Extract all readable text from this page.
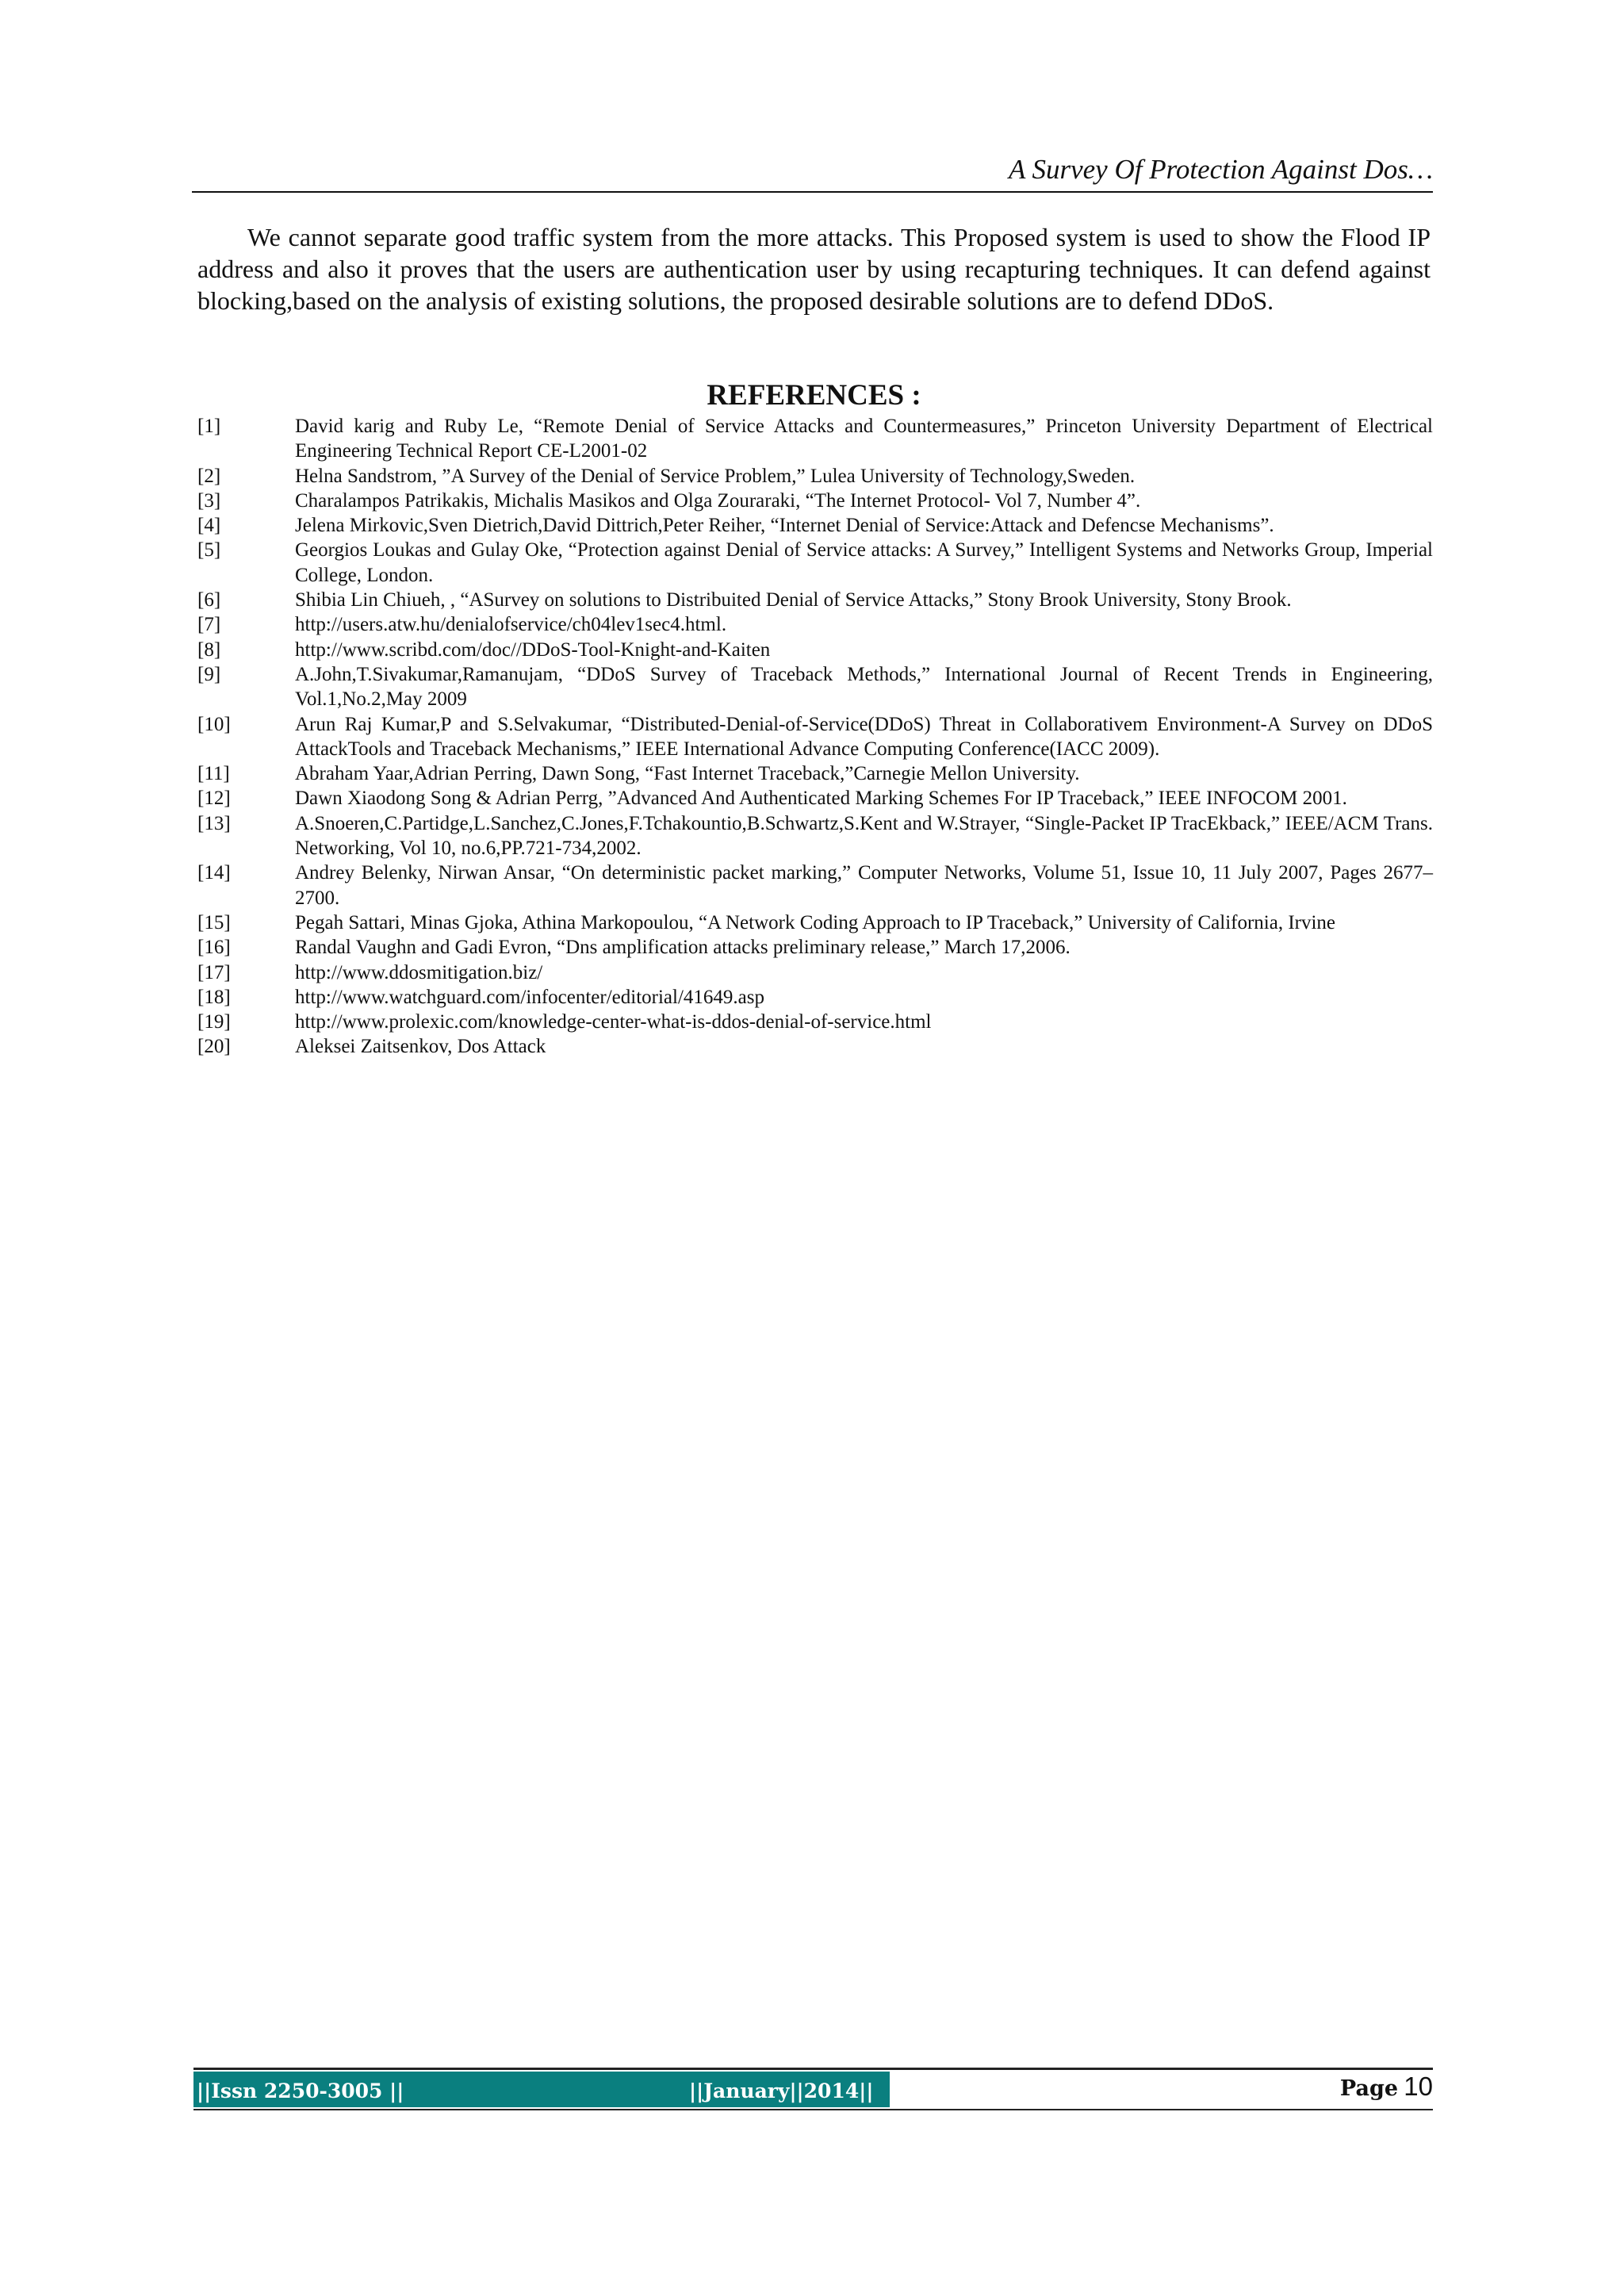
A Survey Of Protection Against Dos…

We cannot separate good traffic system from the more attacks. This Proposed system is used to show the Flood IP address and also it proves that the users are authentication user by using recapturing techniques. It can defend against blocking,based on the analysis of existing solutions, the proposed desirable solutions are to defend DDoS.

REFERENCES :
[1]	David karig and Ruby Le, “Remote Denial of Service Attacks and Countermeasures,” Princeton University Department of Electrical Engineering Technical Report CE-L2001-02
[2]	Helna Sandstrom, ”A Survey of the Denial of Service Problem,” Lulea University of Technology,Sweden.
[3]	Charalampos Patrikakis, Michalis Masikos and Olga Zouraraki, “The Internet Protocol- Vol 7, Number 4”.
[4]	Jelena Mirkovic,Sven Dietrich,David Dittrich,Peter Reiher, “Internet Denial of Service:Attack and Defencse Mechanisms”.
[5]	Georgios Loukas and Gulay Oke, “Protection against Denial of Service attacks: A Survey,” Intelligent Systems and Networks Group, Imperial College, London.
[6]	Shibia Lin Chiueh, , “ASurvey on solutions to Distribuited Denial of Service Attacks,” Stony Brook University, Stony Brook.
[7]	http://users.atw.hu/denialofservice/ch04lev1sec4.html.
[8]	http://www.scribd.com/doc//DDoS-Tool-Knight-and-Kaiten
[9]	A.John,T.Sivakumar,Ramanujam, “DDoS Survey of Traceback Methods,” International Journal of Recent Trends in Engineering, Vol.1,No.2,May 2009
[10]	Arun Raj Kumar,P and S.Selvakumar, “Distributed-Denial-of-Service(DDoS) Threat in Collaborativem Environment-A Survey on DDoS AttackTools and Traceback Mechanisms,” IEEE International Advance Computing Conference(IACC 2009).
[11]	Abraham Yaar,Adrian Perring, Dawn Song, “Fast Internet Traceback,”Carnegie Mellon University.
[12]	Dawn Xiaodong Song & Adrian Perrg, ”Advanced And Authenticated Marking Schemes For IP Traceback,” IEEE INFOCOM 2001.
[13]	A.Snoeren,C.Partidge,L.Sanchez,C.Jones,F.Tchakountio,B.Schwartz,S.Kent and W.Strayer, “Single-Packet IP TracEkback,” IEEE/ACM Trans. Networking, Vol 10, no.6,PP.721-734,2002.
[14]	Andrey Belenky, Nirwan Ansar, “On deterministic packet marking,” Computer Networks, Volume 51, Issue 10, 11 July 2007, Pages 2677–2700.
[15]	Pegah Sattari, Minas Gjoka, Athina Markopoulou, “A Network Coding Approach to IP Traceback,” University of California, Irvine
[16]	Randal Vaughn and Gadi Evron, “Dns amplification attacks preliminary release,” March 17,2006.
[17]	http://www.ddosmitigation.biz/
[18]	http://www.watchguard.com/infocenter/editorial/41649.asp
[19]	http://www.prolexic.com/knowledge-center-what-is-ddos-denial-of-service.html
[20]	Aleksei Zaitsenkov, Dos Attack
||Issn 2250-3005 ||	||January||2014||	Page 10
